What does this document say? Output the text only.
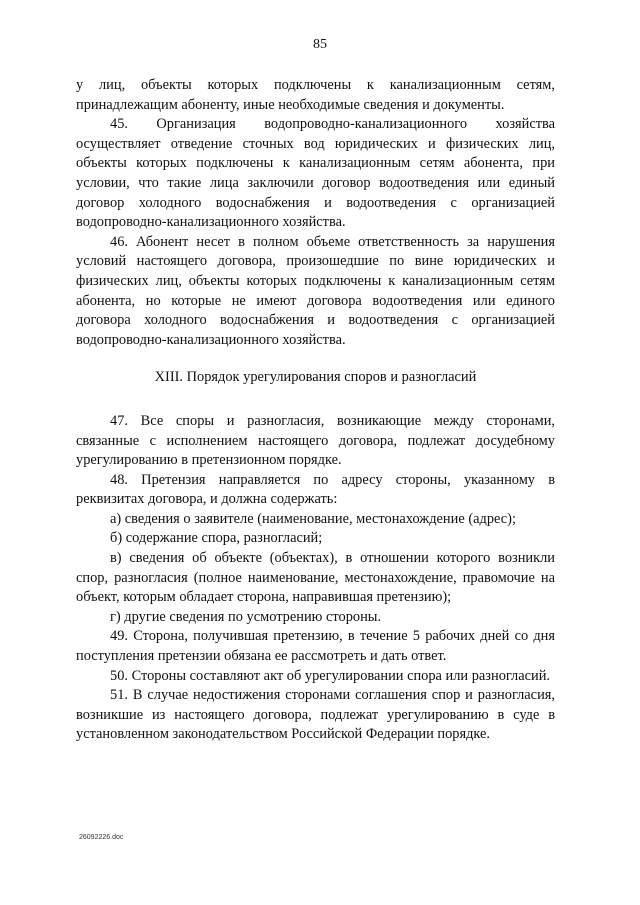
85

у лиц, объекты которых подключены к канализационным сетям, принадлежащим абоненту, иные необходимые сведения и документы.

45. Организация водопроводно-канализационного хозяйства осуществляет отведение сточных вод юридических и физических лиц, объекты которых подключены к канализационным сетям абонента, при условии, что такие лица заключили договор водоотведения или единый договор холодного водоснабжения и водоотведения с организацией водопроводно-канализационного хозяйства.

46. Абонент несет в полном объеме ответственность за нарушения условий настоящего договора, произошедшие по вине юридических и физических лиц, объекты которых подключены к канализационным сетям абонента, но которые не имеют договора водоотведения или единого договора холодного водоснабжения и водоотведения с организацией водопроводно-канализационного хозяйства.

XIII. Порядок урегулирования споров и разногласий

47. Все споры и разногласия, возникающие между сторонами, связанные с исполнением настоящего договора, подлежат досудебному урегулированию в претензионном порядке.

48. Претензия направляется по адресу стороны, указанному в реквизитах договора, и должна содержать:

а) сведения о заявителе (наименование, местонахождение (адрес);

б) содержание спора, разногласий;

в) сведения об объекте (объектах), в отношении которого возникли спор, разногласия (полное наименование, местонахождение, правомочие на объект, которым обладает сторона, направившая претензию);

г) другие сведения по усмотрению стороны.

49. Сторона, получившая претензию, в течение 5 рабочих дней со дня поступления претензии обязана ее рассмотреть и дать ответ.

50. Стороны составляют акт об урегулировании спора или разногласий.

51. В случае недостижения сторонами соглашения спор и разногласия, возникшие из настоящего договора, подлежат урегулированию в суде в установленном законодательством Российской Федерации порядке.

26092226.doc
